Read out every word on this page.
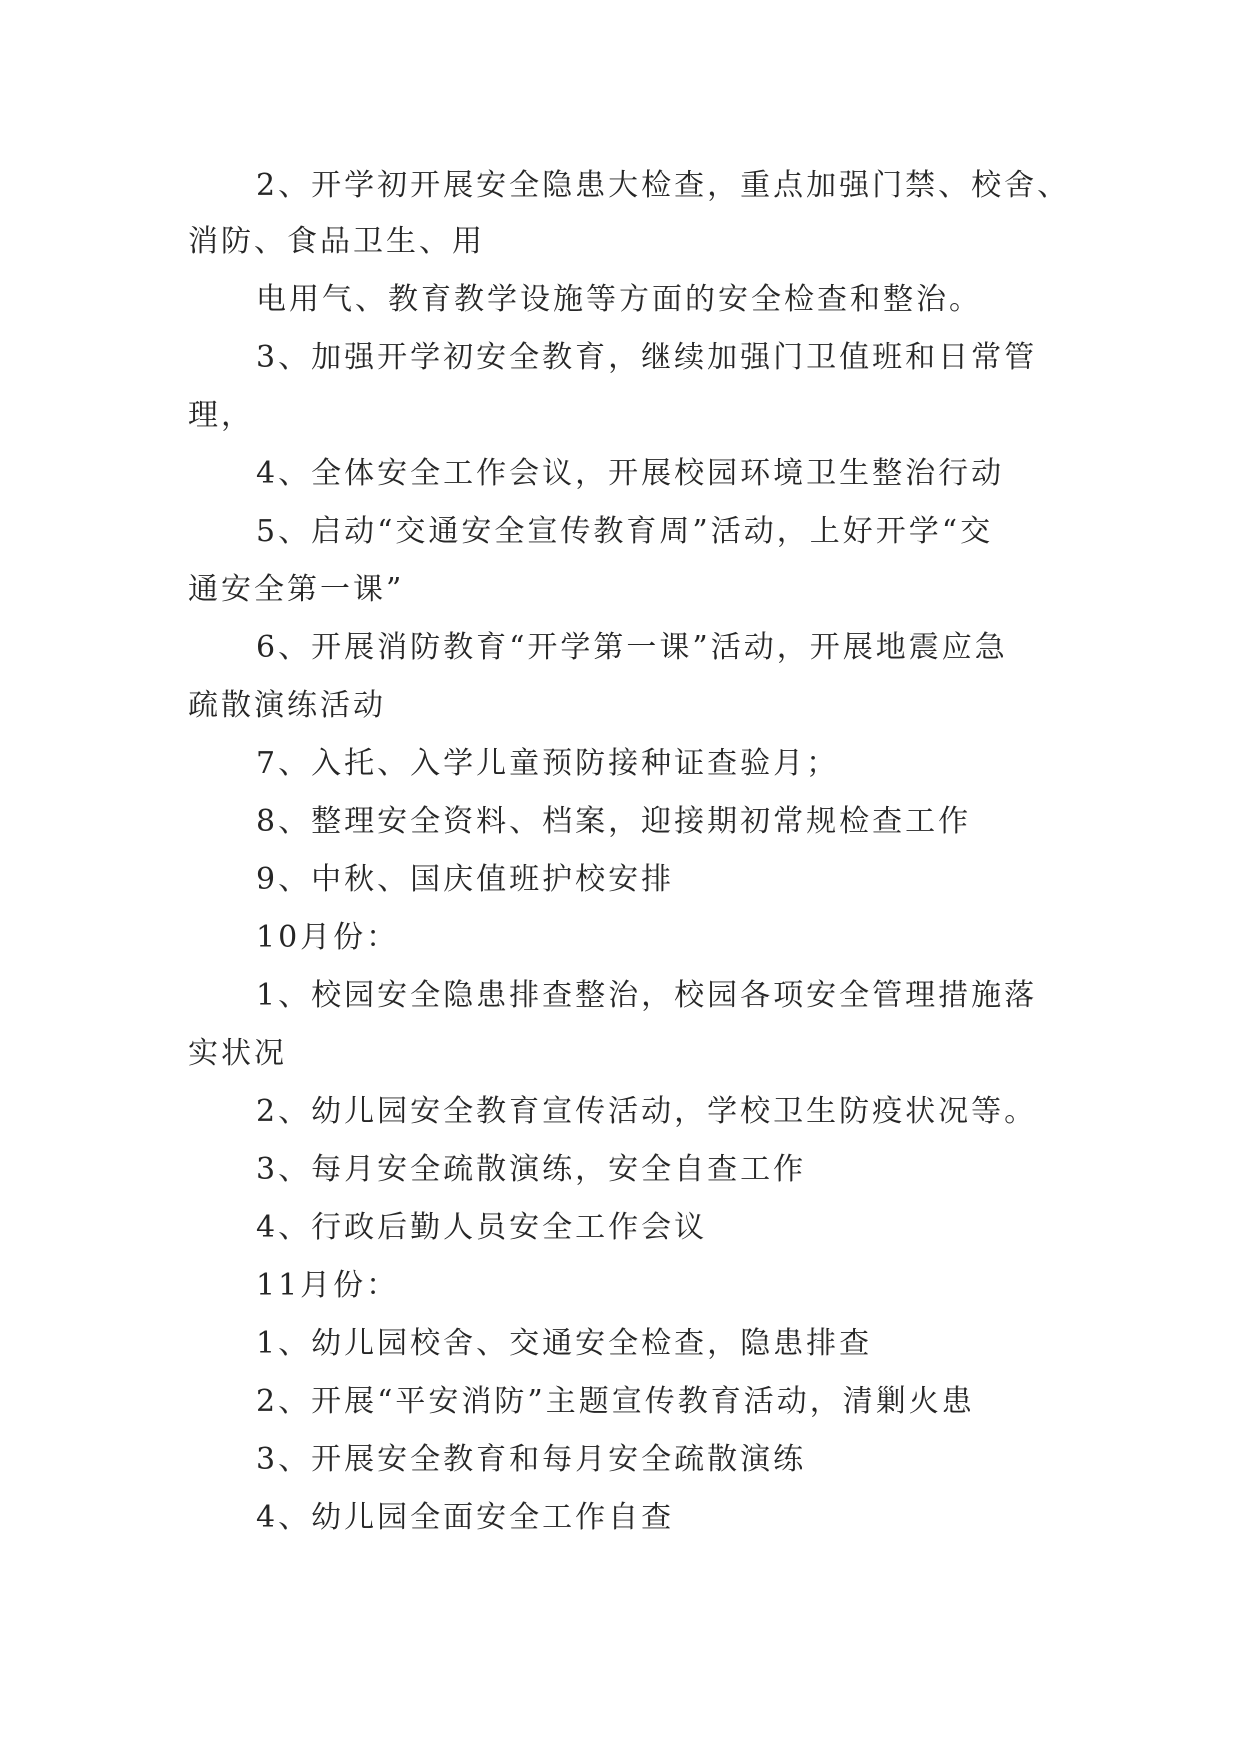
2、开学初开展安全隐患大检查，重点加强门禁、校舍、

消防、食品卫生、用

电用气、教育教学设施等方面的安全检查和整治。

3、加强开学初安全教育，继续加强门卫值班和日常管

理，

4、全体安全工作会议，开展校园环境卫生整治行动

5、启动“交通安全宣传教育周”活动，上好开学“交

通安全第一课”

6、开展消防教育“开学第一课”活动，开展地震应急

疏散演练活动

7、入托、入学儿童预防接种证查验月；

8、整理安全资料、档案，迎接期初常规检查工作

9、中秋、国庆值班护校安排

10月份：

1、校园安全隐患排查整治，校园各项安全管理措施落

实状况

2、幼儿园安全教育宣传活动，学校卫生防疫状况等。

3、每月安全疏散演练，安全自查工作

4、行政后勤人员安全工作会议

11月份：

1、幼儿园校舍、交通安全检查，隐患排查

2、开展“平安消防”主题宣传教育活动，清剿火患

3、开展安全教育和每月安全疏散演练

4、幼儿园全面安全工作自查
